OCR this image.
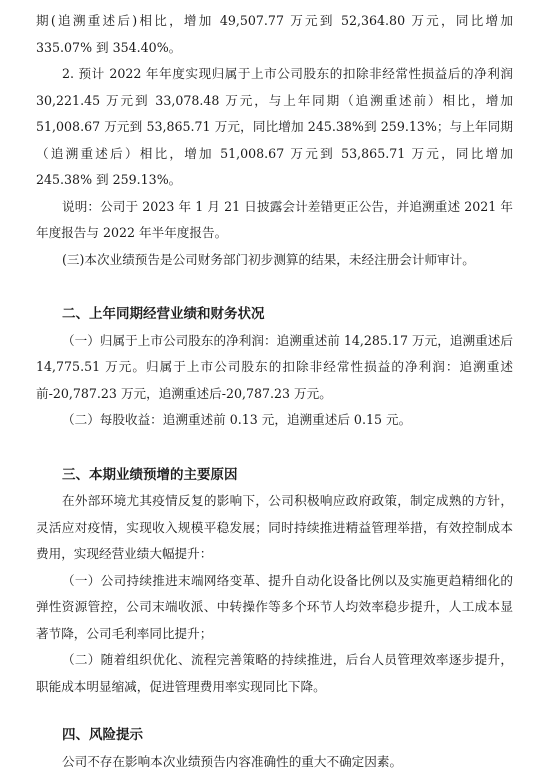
期(追溯重述后)相比，增加 49,507.77 万元到 52,364.80 万元，同比增加 335.07% 到 354.40%。

2. 预计 2022 年年度实现归属于上市公司股东的扣除非经常性损益后的净利润 30,221.45 万元到 33,078.48 万元，与上年同期（追溯重述前）相比，增加 51,008.67 万元到 53,865.71 万元，同比增加 245.38%到 259.13%；与上年同期（追溯重述后）相比，增加 51,008.67 万元到 53,865.71 万元，同比增加 245.38% 到 259.13%。

说明：公司于 2023 年 1 月 21 日披露会计差错更正公告，并追溯重述 2021 年年度报告与 2022 年半年度报告。

(三)本次业绩预告是公司财务部门初步测算的结果，未经注册会计师审计。

二、上年同期经营业绩和财务状况

（一）归属于上市公司股东的净利润：追溯重述前 14,285.17 万元，追溯重述后 14,775.51 万元。归属于上市公司股东的扣除非经常性损益的净利润：追溯重述前-20,787.23 万元，追溯重述后-20,787.23 万元。

（二）每股收益：追溯重述前 0.13 元，追溯重述后 0.15 元。

三、本期业绩预增的主要原因

在外部环境尤其疫情反复的影响下，公司积极响应政府政策，制定成熟的方针，灵活应对疫情，实现收入规模平稳发展；同时持续推进精益管理举措，有效控制成本费用，实现经营业绩大幅提升：

（一）公司持续推进末端网络变革、提升自动化设备比例以及实施更趋精细化的弹性资源管控，公司末端收派、中转操作等多个环节人均效率稳步提升，人工成本显著节降，公司毛利率同比提升；

（二）随着组织优化、流程完善策略的持续推进，后台人员管理效率逐步提升，职能成本明显缩减，促进管理费用率实现同比下降。

四、风险提示

公司不存在影响本次业绩预告内容准确性的重大不确定因素。
